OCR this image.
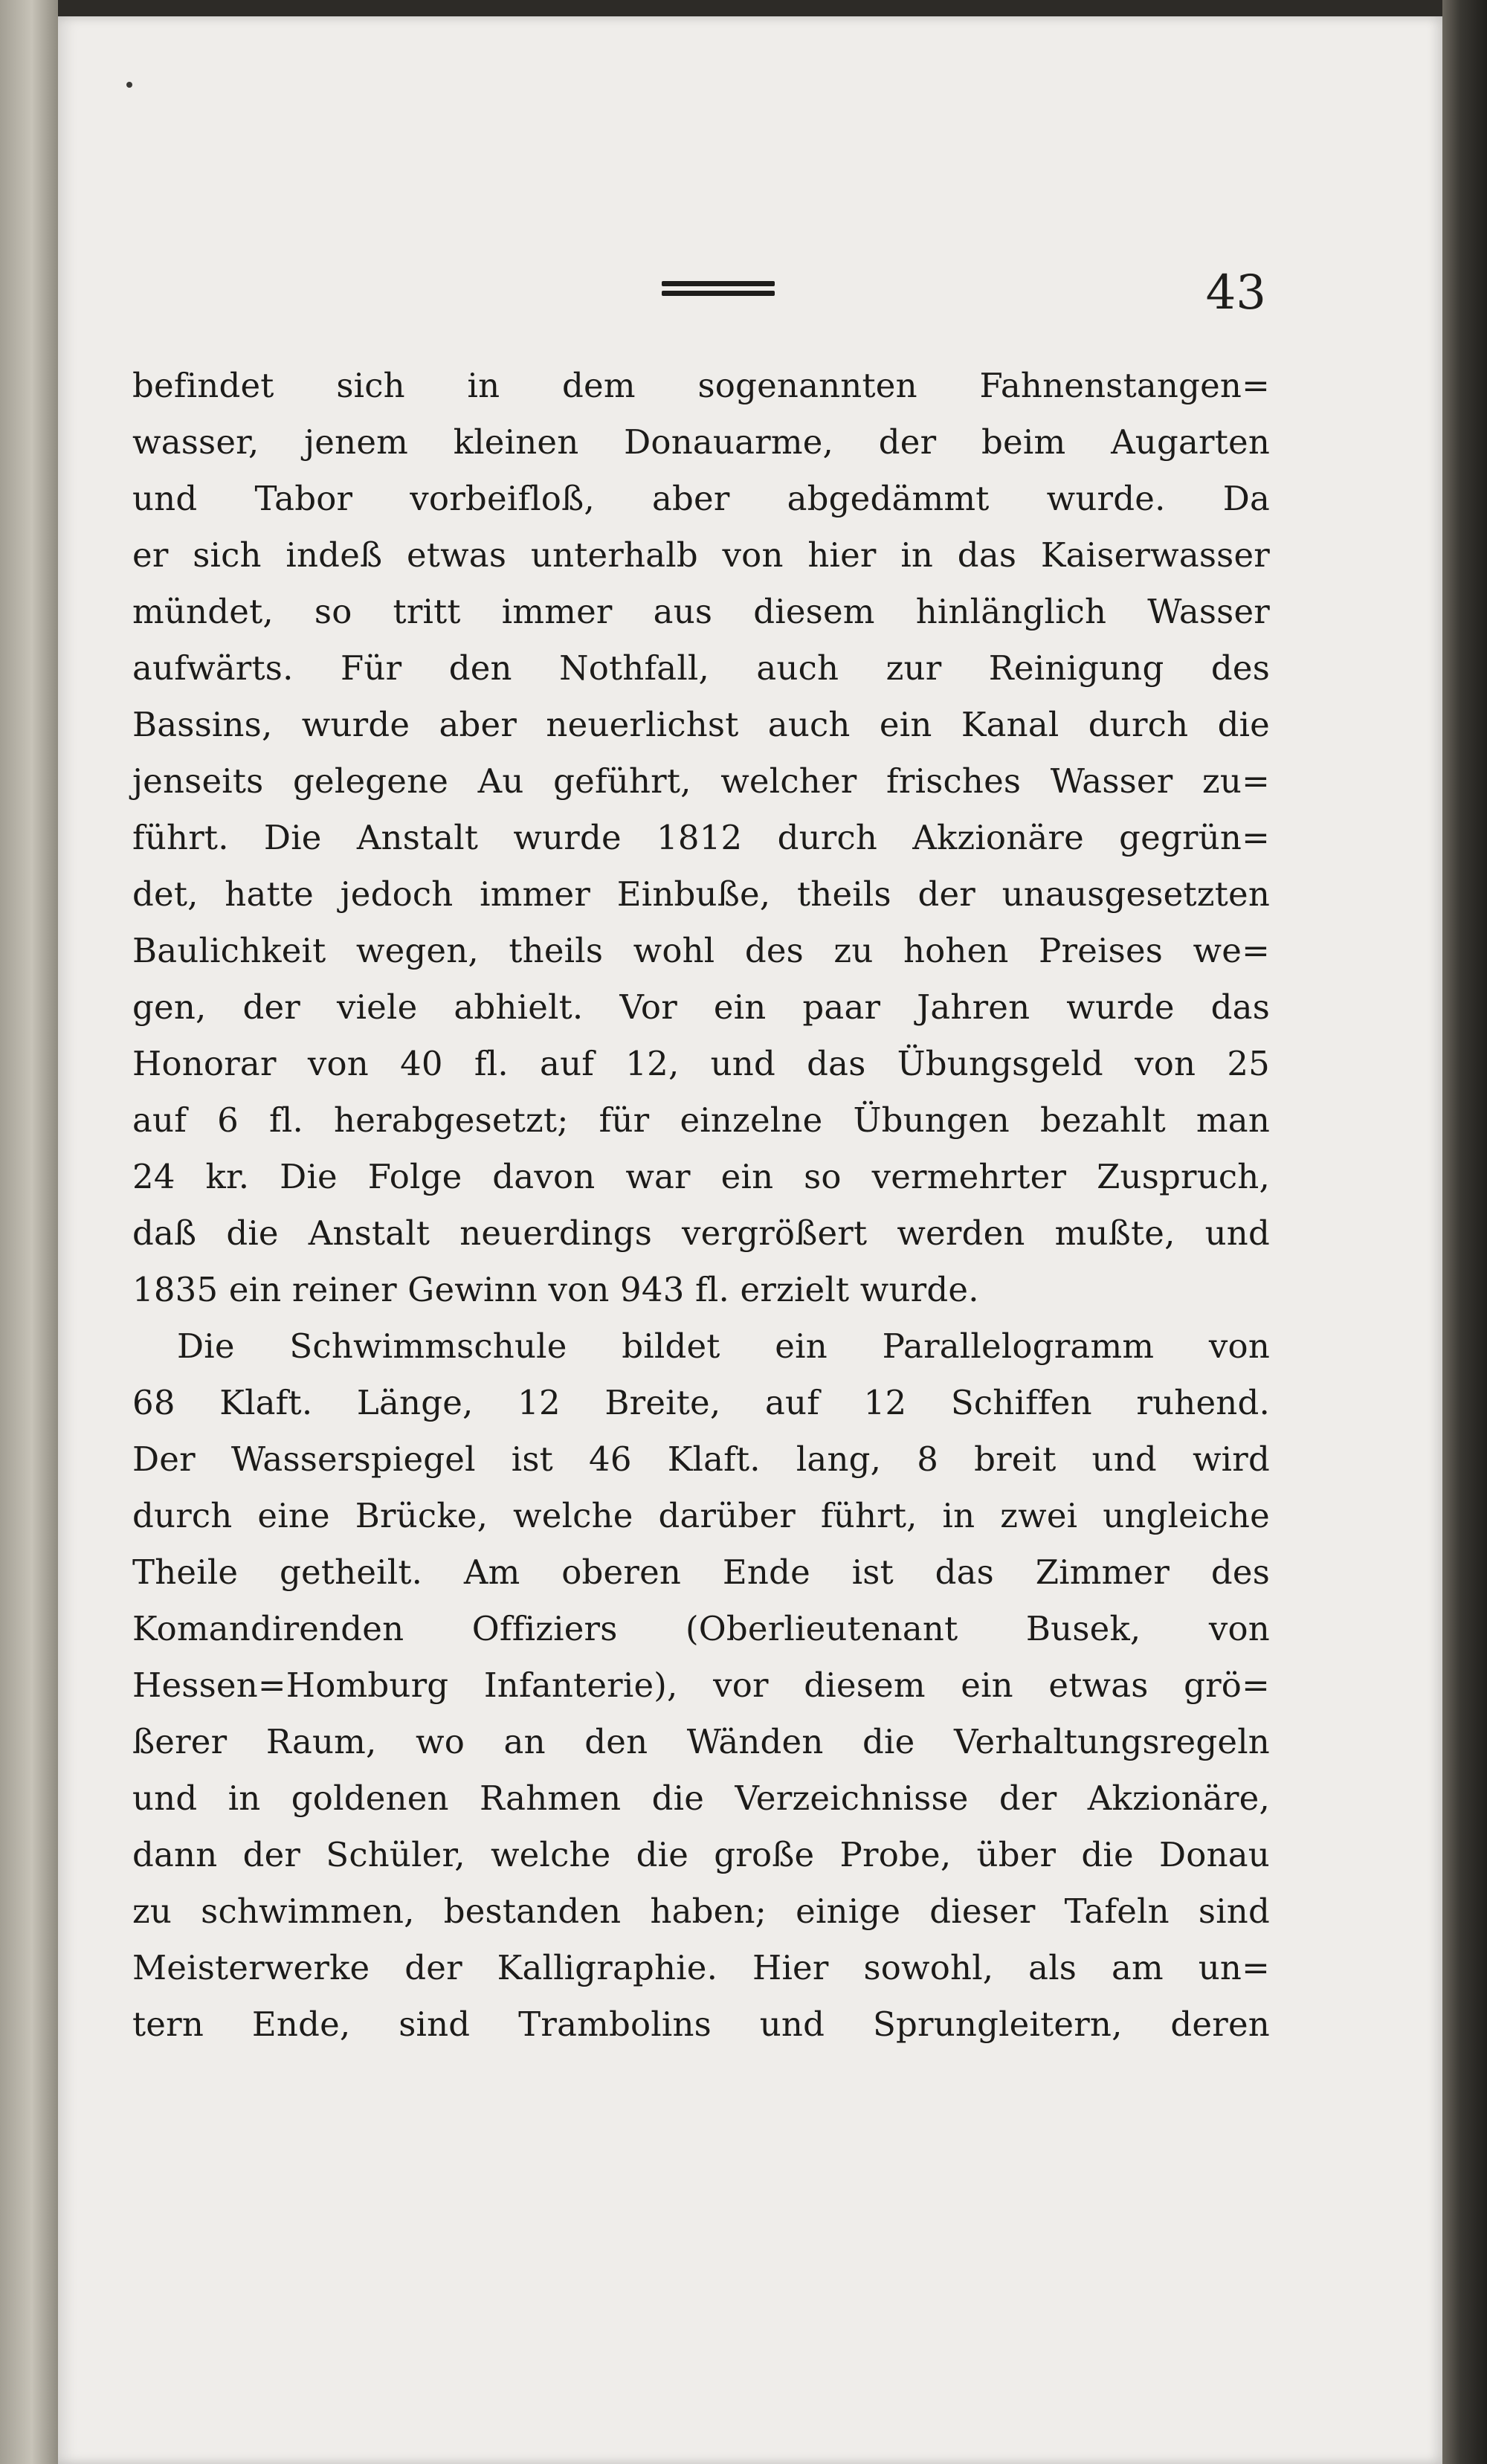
43
befindet sich in dem sogenannten Fahnenstangen=
wasser, jenem kleinen Donauarme, der beim Augarten
und Tabor vorbeifloß, aber abgedämmt wurde. Da
er sich indeß etwas unterhalb von hier in das Kaiserwasser
mündet, so tritt immer aus diesem hinlänglich Wasser
aufwärts. Für den Nothfall, auch zur Reinigung des
Bassins, wurde aber neuerlichst auch ein Kanal durch die
jenseits gelegene Au geführt, welcher frisches Wasser zu=
führt. Die Anstalt wurde 1812 durch Akzionäre gegrün=
det, hatte jedoch immer Einbuße, theils der unausgesetzten
Baulichkeit wegen, theils wohl des zu hohen Preises we=
gen, der viele abhielt. Vor ein paar Jahren wurde das
Honorar von 40 fl. auf 12, und das Übungsgeld von 25
auf 6 fl. herabgesetzt; für einzelne Übungen bezahlt man
24 kr. Die Folge davon war ein so vermehrter Zuspruch,
daß die Anstalt neuerdings vergrößert werden mußte, und
1835 ein reiner Gewinn von 943 fl. erzielt wurde.
Die Schwimmschule bildet ein Parallelogramm von
68 Klaft. Länge, 12 Breite, auf 12 Schiffen ruhend.
Der Wasserspiegel ist 46 Klaft. lang, 8 breit und wird
durch eine Brücke, welche darüber führt, in zwei ungleiche
Theile getheilt. Am oberen Ende ist das Zimmer des
Komandirenden Offiziers (Oberlieutenant Busek, von
Hessen=Homburg Infanterie), vor diesem ein etwas grö=
ßerer Raum, wo an den Wänden die Verhaltungsregeln
und in goldenen Rahmen die Verzeichnisse der Akzionäre,
dann der Schüler, welche die große Probe, über die Donau
zu schwimmen, bestanden haben; einige dieser Tafeln sind
Meisterwerke der Kalligraphie. Hier sowohl, als am un=
tern Ende, sind Trambolins und Sprungleitern, deren
